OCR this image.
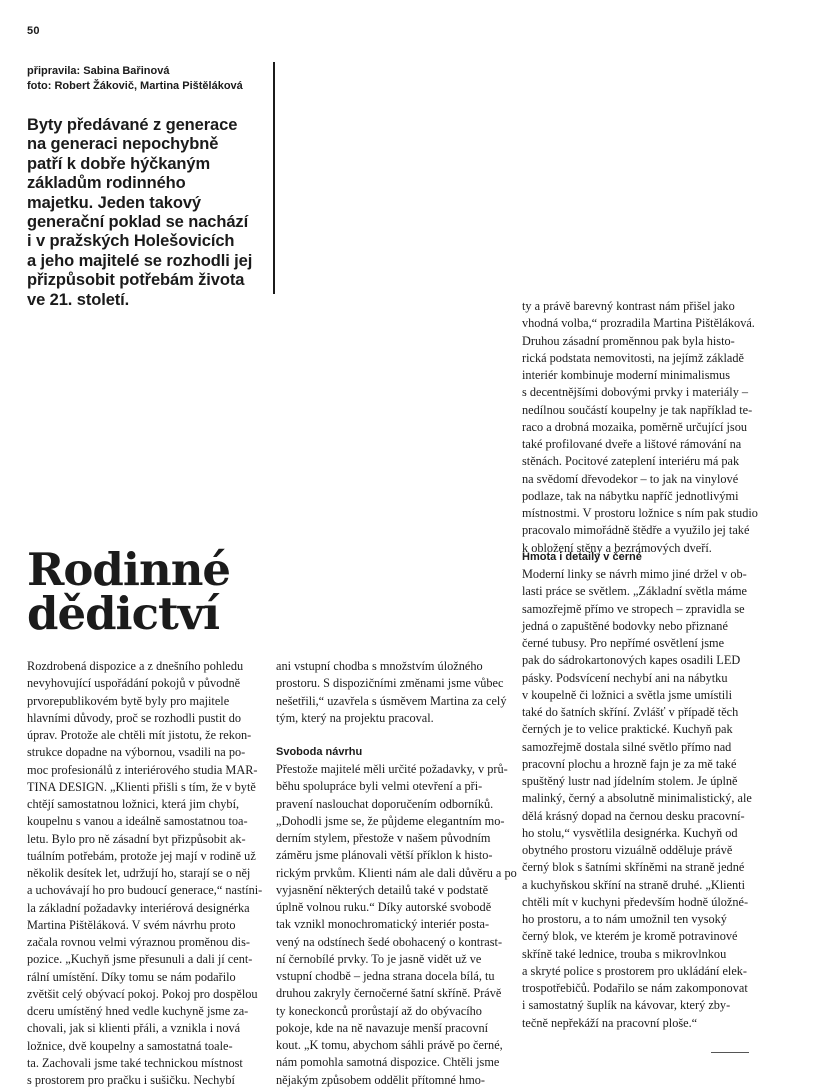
50
připravila: Sabina Bařinová
foto: Robert Žákovič, Martina Pištěláková
Byty předávané z generace
na generaci nepochybně
patří k dobře hýčkaným
základům rodinného
majetku. Jeden takový
generační poklad se nachází
i v pražských Holešovicích
a jeho majitelé se rozhodli jej
přizpůsobit potřebám života
ve 21. století.
Rodinné
dědictví
Rozdrobená dispozice a z dnešního pohledu
nevyhovující uspořádání pokojů v původně
prvorepublikovém bytě byly pro majitele
hlavními důvody, proč se rozhodli pustit do
úprav. Protože ale chtěli mít jistotu, že rekon-
strukce dopadne na výbornou, vsadili na po-
moc profesionálů z interiérového studia MAR-
TINA DESIGN. „Klienti přišli s tím, že v bytě
chtějí samostatnou ložnici, která jim chybí,
koupelnu s vanou a ideálně samostatnou toa-
letu. Bylo pro ně zásadní byt přizpůsobit ak-
tuálním potřebám, protože jej mají v rodině už
několik desítek let, udržují ho, starají se o něj
a uchovávají ho pro budoucí generace,“ nastíni-
la základní požadavky interiérová designérka
Martina Pištěláková. V svém návrhu proto
začala rovnou velmi výraznou proměnou dis-
pozice. „Kuchyň jsme přesunuli a dali jí cent-
rální umístění. Díky tomu se nám podařilo
zvětšit celý obývací pokoj. Pokoj pro dospělou
dceru umístěný hned vedle kuchyně jsme za-
chovali, jak si klienti přáli, a vznikla i nová
ložnice, dvě koupelny a samostatná toale-
ta. Zachovali jsme také technickou místnost
s prostorem pro pračku i sušičku. Nechybí
ani vstupní chodba s množstvím úložného
prostoru. S dispozičními změnami jsme vůbec
nešetřili,“ uzavřela s úsměvem Martina za celý
tým, který na projektu pracoval.
Svoboda návrhu
Přestože majitelé měli určité požadavky, v prů-
běhu spolupráce byli velmi otevření a při-
pravení naslouchat doporučením odborníků.
„Dohodli jsme se, že půjdeme elegantním mo-
derním stylem, přestože v našem původním
záměru jsme plánovali větší příklon k histo-
rickým prvkům. Klienti nám ale dali důvěru a po
vyjasnění některých detailů také v podstatě
úplně volnou ruku.“ Díky autorské svobodě
tak vznikl monochromatický interiér posta-
vený na odstínech šedé obohacený o kontrast-
ní černobílé prvky. To je jasně vidět už ve
vstupní chodbě – jedna strana docela bílá, tu
druhou zakryly černočerné šatní skříně. Právě
ty koneckonců prorůstají až do obývacího
pokoje, kde na ně navazuje menší pracovní
kout. „K tomu, abychom sáhli právě po černé,
nám pomohla samotná dispozice. Chtěli jsme
nějakým způsobem oddělit přítomné hmo-
ty a právě barevný kontrast nám přišel jako
vhodná volba,“ prozradila Martina Pištěláková.
Druhou zásadní proměnnou pak byla histo-
rická podstata nemovitosti, na jejímž základě
interiér kombinuje moderní minimalismus
s decentnějšími dobovými prvky i materiály –
nedílnou součástí koupelny je tak například te-
raco a drobná mozaika, poměrně určující jsou
také profilované dveře a lištové rámování na
stěnách. Pocitové zateplení interiéru má pak
na svědomí dřevodekor – to jak na vinylové
podlaze, tak na nábytku napříč jednotlivými
místnostmi. V prostoru ložnice s ním pak studio
pracovalo mimořádně štědře a využilo jej také
k obložení stěny a bezrámových dveří.
Hmota i detaily v černé
Moderní linky se návrh mimo jiné držel v ob-
lasti práce se světlem. „Základní světla máme
samozřejmě přímo ve stropech – zpravidla se
jedná o zapuštěné bodovky nebo přiznané
černé tubusy. Pro nepřímé osvětlení jsme
pak do sádrokartonových kapes osadili LED
pásky. Podsvícení nechybí ani na nábytku
v koupelně či ložnici a světla jsme umístili
také do šatních skříní. Zvlášť v případě těch
černých je to velice praktické. Kuchyň pak
samozřejmě dostala silné světlo přímo nad
pracovní plochu a hrozně fajn je za mě také
spuštěný lustr nad jídelním stolem. Je úplně
malinký, černý a absolutně minimalistický, ale
dělá krásný dopad na černou desku pracovní-
ho stolu,“ vysvětlila designérka. Kuchyň od
obytného prostoru vizuálně odděluje právě
černý blok s šatními skříněmi na straně jedné
a kuchyňskou skříní na straně druhé. „Klienti
chtěli mít v kuchyni především hodně úložné-
ho prostoru, a to nám umožnil ten vysoký
černý blok, ve kterém je kromě potravinové
skříně také lednice, trouba s mikrovlnkou
a skryté police s prostorem pro ukládání elek-
trospotřebičů. Podařilo se nám zakomponovat
i samostatný šuplík na kávovar, který zby-
tečně nepřekáží na pracovní ploše.“
